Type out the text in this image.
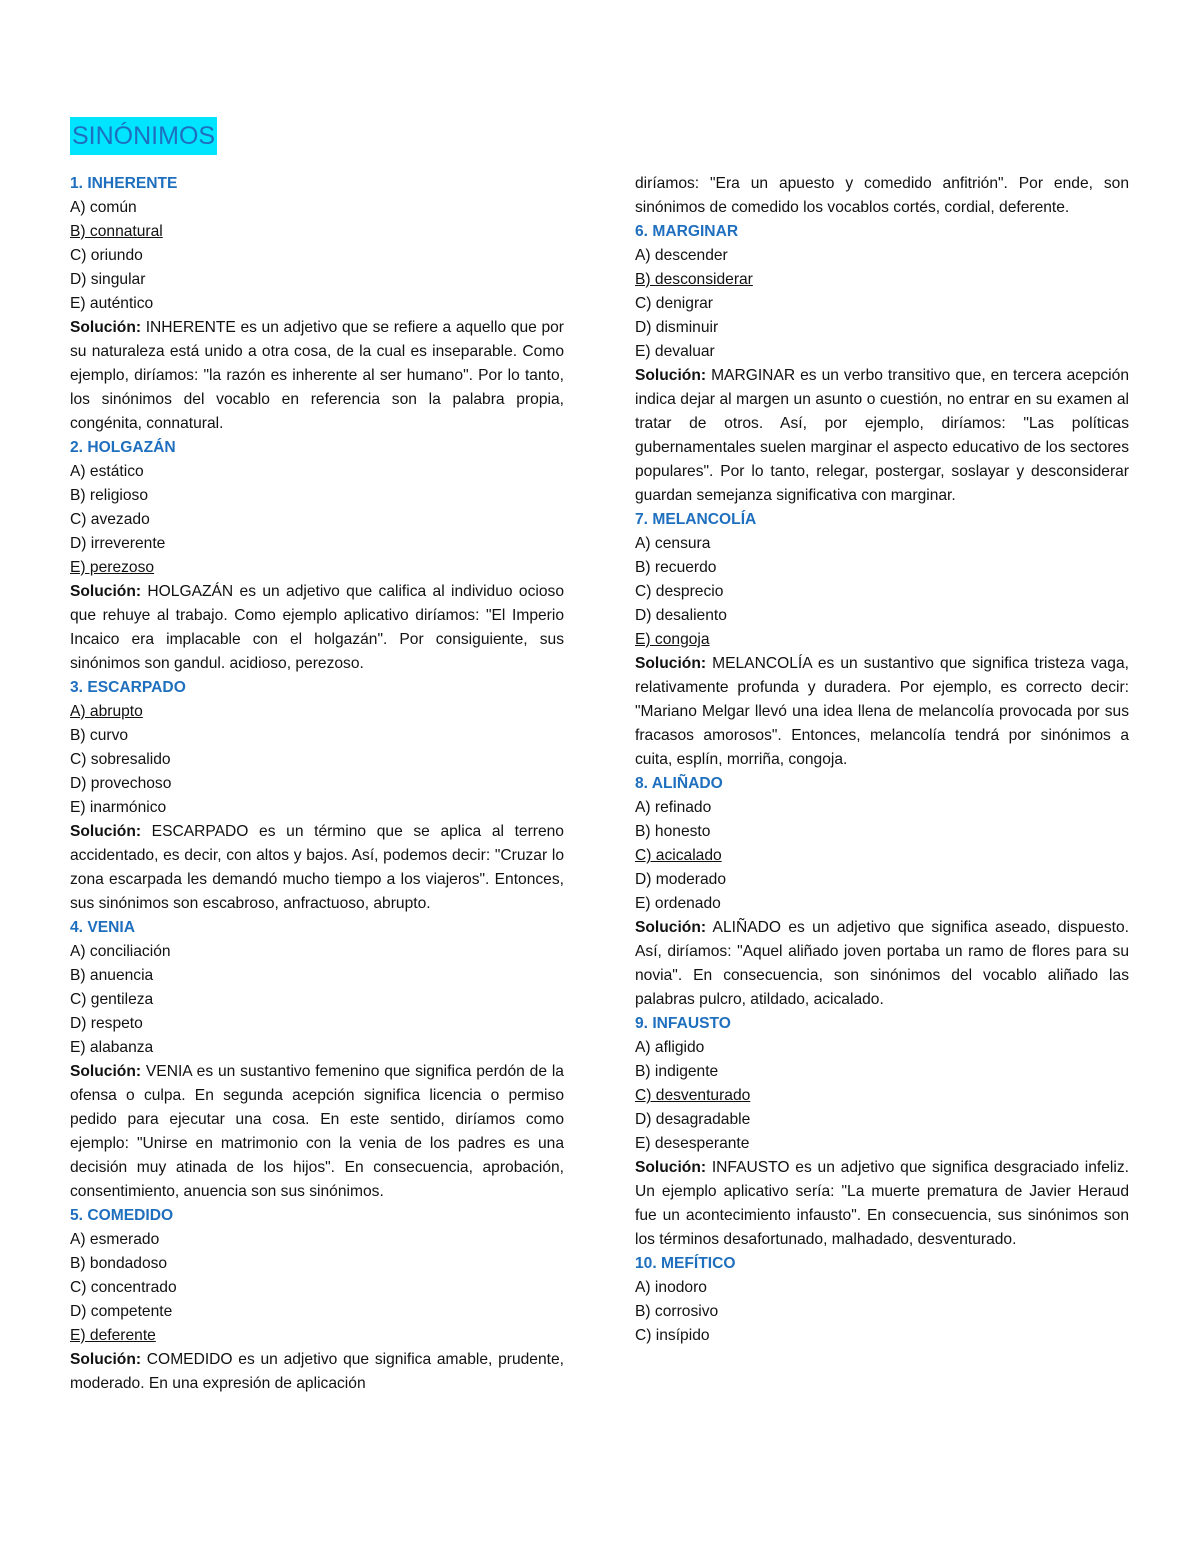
SINÓNIMOS
1. INHERENTE
A) común
B) connatural
C) oriundo
D) singular
E) auténtico
Solución: INHERENTE es un adjetivo que se refiere a aquello que por su naturaleza está unido a otra cosa, de la cual es inseparable. Como ejemplo, diríamos: "la razón es inherente al ser humano". Por lo tanto, los sinónimos del vocablo en referencia son la palabra propia, congénita, connatural.
2. HOLGAZÁN
A) estático
B) religioso
C) avezado
D) irreverente
E) perezoso
Solución: HOLGAZÁN es un adjetivo que califica al individuo ocioso que rehuye al trabajo. Como ejemplo aplicativo diríamos: "El Imperio Incaico era implacable con el holgazán". Por consiguiente, sus sinónimos son gandul. acidioso, perezoso.
3. ESCARPADO
A) abrupto
B) curvo
C) sobresalido
D) provechoso
E) inarmónico
Solución: ESCARPADO es un término que se aplica al terreno accidentado, es decir, con altos y bajos. Así, podemos decir: "Cruzar lo zona escarpada les demandó mucho tiempo a los viajeros". Entonces, sus sinónimos son escabroso, anfractuoso, abrupto.
4. VENIA
A) conciliación
B) anuencia
C) gentileza
D) respeto
E) alabanza
Solución: VENIA es un sustantivo femenino que significa perdón de la ofensa o culpa. En segunda acepción significa licencia o permiso pedido para ejecutar una cosa. En este sentido, diríamos como ejemplo: "Unirse en matrimonio con la venia de los padres es una decisión muy atinada de los hijos". En consecuencia, aprobación, consentimiento, anuencia son sus sinónimos.
5. COMEDIDO
A) esmerado
B) bondadoso
C) concentrado
D) competente
E) deferente
Solución: COMEDIDO es un adjetivo que significa amable, prudente, moderado. En una expresión de aplicación
diríamos: "Era un apuesto y comedido anfitrión". Por ende, son sinónimos de comedido los vocablos cortés, cordial, deferente.
6. MARGINAR
A) descender
B) desconsiderar
C) denigrar
D) disminuir
E) devaluar
Solución: MARGINAR es un verbo transitivo que, en tercera acepción indica dejar al margen un asunto o cuestión, no entrar en su examen al tratar de otros. Así, por ejemplo, diríamos: "Las políticas gubernamentales suelen marginar el aspecto educativo de los sectores populares". Por lo tanto, relegar, postergar, soslayar y desconsiderar guardan semejanza significativa con marginar.
7. MELANCOLÍA
A) censura
B) recuerdo
C) desprecio
D) desaliento
E) congoja
Solución: MELANCOLÍA es un sustantivo que significa tristeza vaga, relativamente profunda y duradera. Por ejemplo, es correcto decir: "Mariano Melgar llevó una idea llena de melancolía provocada por sus fracasos amorosos". Entonces, melancolía tendrá por sinónimos a cuita, esplín, morriña, congoja.
8. ALIÑADO
A) refinado
B) honesto
C) acicalado
D) moderado
E) ordenado
Solución: ALIÑADO es un adjetivo que significa aseado, dispuesto. Así, diríamos: "Aquel aliñado joven portaba un ramo de flores para su novia". En consecuencia, son sinónimos del vocablo aliñado las palabras pulcro, atildado, acicalado.
9. INFAUSTO
A) afligido
B) indigente
C) desventurado
D) desagradable
E) desesperante
Solución: INFAUSTO es un adjetivo que significa desgraciado infeliz. Un ejemplo aplicativo sería: "La muerte prematura de Javier Heraud fue un acontecimiento infausto". En consecuencia, sus sinónimos son los términos desafortunado, malhadado, desventurado.
10. MEFÍTICO
A) inodoro
B) corrosivo
C) insípido
